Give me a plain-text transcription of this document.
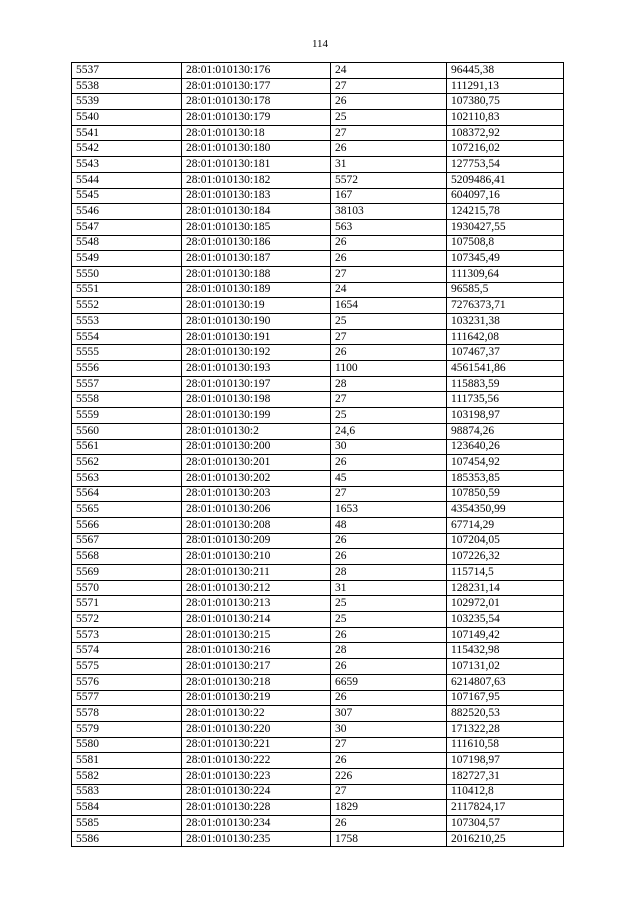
114
5537	28:01:010130:176	24	96445,38
5538	28:01:010130:177	27	111291,13
5539	28:01:010130:178	26	107380,75
5540	28:01:010130:179	25	102110,83
5541	28:01:010130:18	27	108372,92
5542	28:01:010130:180	26	107216,02
5543	28:01:010130:181	31	127753,54
5544	28:01:010130:182	5572	5209486,41
5545	28:01:010130:183	167	604097,16
5546	28:01:010130:184	38103	124215,78
5547	28:01:010130:185	563	1930427,55
5548	28:01:010130:186	26	107508,8
5549	28:01:010130:187	26	107345,49
5550	28:01:010130:188	27	111309,64
5551	28:01:010130:189	24	96585,5
5552	28:01:010130:19	1654	7276373,71
5553	28:01:010130:190	25	103231,38
5554	28:01:010130:191	27	111642,08
5555	28:01:010130:192	26	107467,37
5556	28:01:010130:193	1100	4561541,86
5557	28:01:010130:197	28	115883,59
5558	28:01:010130:198	27	111735,56
5559	28:01:010130:199	25	103198,97
5560	28:01:010130:2	24,6	98874,26
5561	28:01:010130:200	30	123640,26
5562	28:01:010130:201	26	107454,92
5563	28:01:010130:202	45	185353,85
5564	28:01:010130:203	27	107850,59
5565	28:01:010130:206	1653	4354350,99
5566	28:01:010130:208	48	67714,29
5567	28:01:010130:209	26	107204,05
5568	28:01:010130:210	26	107226,32
5569	28:01:010130:211	28	115714,5
5570	28:01:010130:212	31	128231,14
5571	28:01:010130:213	25	102972,01
5572	28:01:010130:214	25	103235,54
5573	28:01:010130:215	26	107149,42
5574	28:01:010130:216	28	115432,98
5575	28:01:010130:217	26	107131,02
5576	28:01:010130:218	6659	6214807,63
5577	28:01:010130:219	26	107167,95
5578	28:01:010130:22	307	882520,53
5579	28:01:010130:220	30	171322,28
5580	28:01:010130:221	27	111610,58
5581	28:01:010130:222	26	107198,97
5582	28:01:010130:223	226	182727,31
5583	28:01:010130:224	27	110412,8
5584	28:01:010130:228	1829	2117824,17
5585	28:01:010130:234	26	107304,57
5586	28:01:010130:235	1758	2016210,25
